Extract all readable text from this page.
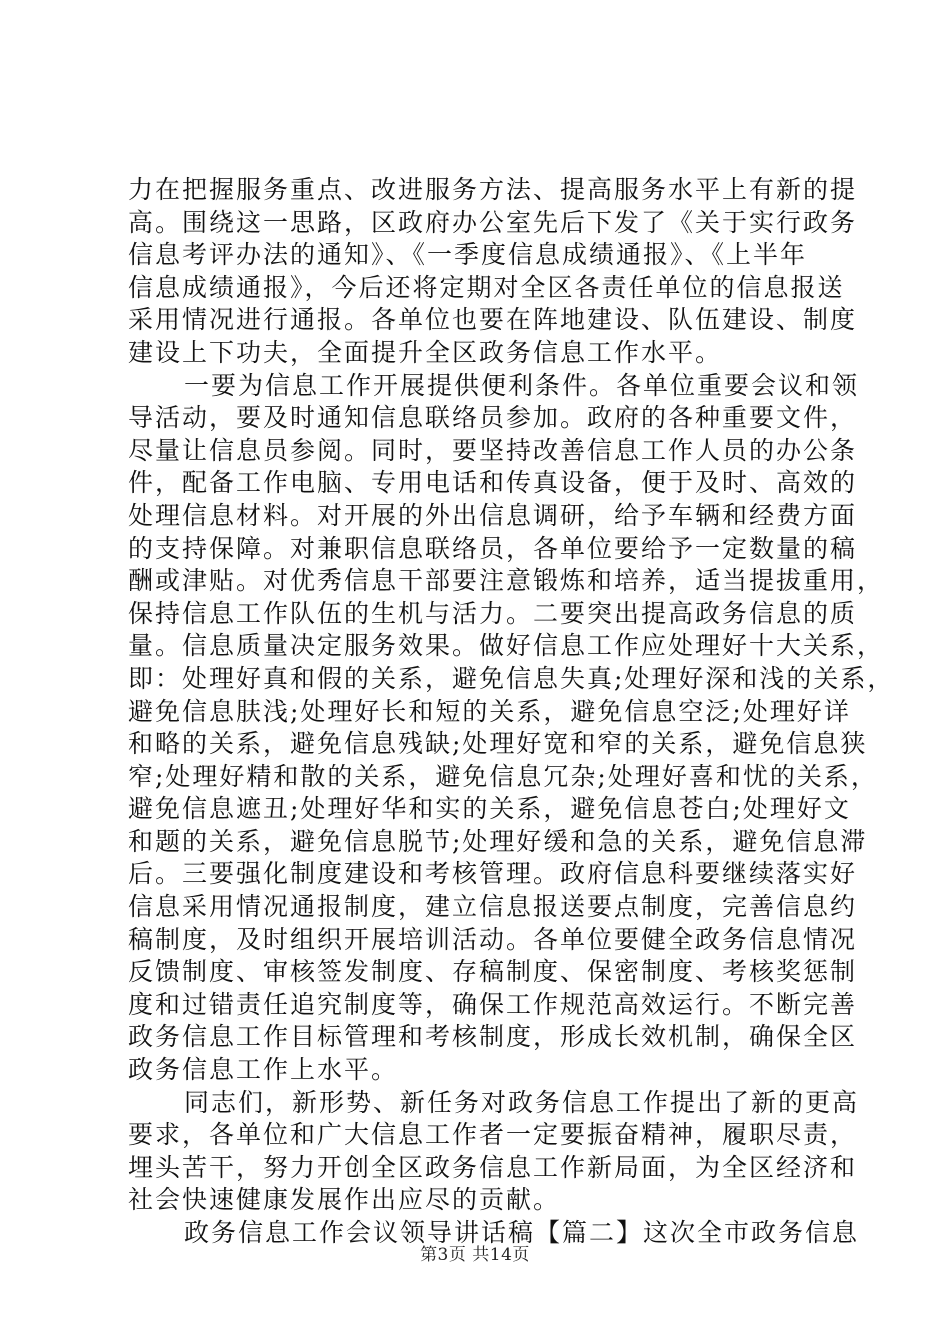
力在把握服务重点、改进服务方法、提高服务水平上有新的提
高。围绕这一思路，区政府办公室先后下发了《关于实行政务
信息考评办法的通知》、《一季度信息成绩通报》、《上半年
信息成绩通报》，今后还将定期对全区各责任单位的信息报送
采用情况进行通报。各单位也要在阵地建设、队伍建设、制度
建设上下功夫，全面提升全区政务信息工作水平。
一要为信息工作开展提供便利条件。各单位重要会议和领
导活动，要及时通知信息联络员参加。政府的各种重要文件，
尽量让信息员参阅。同时，要坚持改善信息工作人员的办公条
件，配备工作电脑、专用电话和传真设备，便于及时、高效的
处理信息材料。对开展的外出信息调研，给予车辆和经费方面
的支持保障。对兼职信息联络员，各单位要给予一定数量的稿
酬或津贴。对优秀信息干部要注意锻炼和培养，适当提拔重用，
保持信息工作队伍的生机与活力。二要突出提高政务信息的质
量。信息质量决定服务效果。做好信息工作应处理好十大关系，
即：处理好真和假的关系，避免信息失真;处理好深和浅的关系，
避免信息肤浅;处理好长和短的关系，避免信息空泛;处理好详
和略的关系，避免信息残缺;处理好宽和窄的关系，避免信息狭
窄;处理好精和散的关系，避免信息冗杂;处理好喜和忧的关系，
避免信息遮丑;处理好华和实的关系，避免信息苍白;处理好文
和题的关系，避免信息脱节;处理好缓和急的关系，避免信息滞
后。三要强化制度建设和考核管理。政府信息科要继续落实好
信息采用情况通报制度，建立信息报送要点制度，完善信息约
稿制度，及时组织开展培训活动。各单位要健全政务信息情况
反馈制度、审核签发制度、存稿制度、保密制度、考核奖惩制
度和过错责任追究制度等，确保工作规范高效运行。不断完善
政务信息工作目标管理和考核制度，形成长效机制，确保全区
政务信息工作上水平。
同志们，新形势、新任务对政务信息工作提出了新的更高
要求，各单位和广大信息工作者一定要振奋精神，履职尽责，
埋头苦干，努力开创全区政务信息工作新局面，为全区经济和
社会快速健康发展作出应尽的贡献。
政务信息工作会议领导讲话稿【篇二】这次全市政务信息
第3页 共14页
